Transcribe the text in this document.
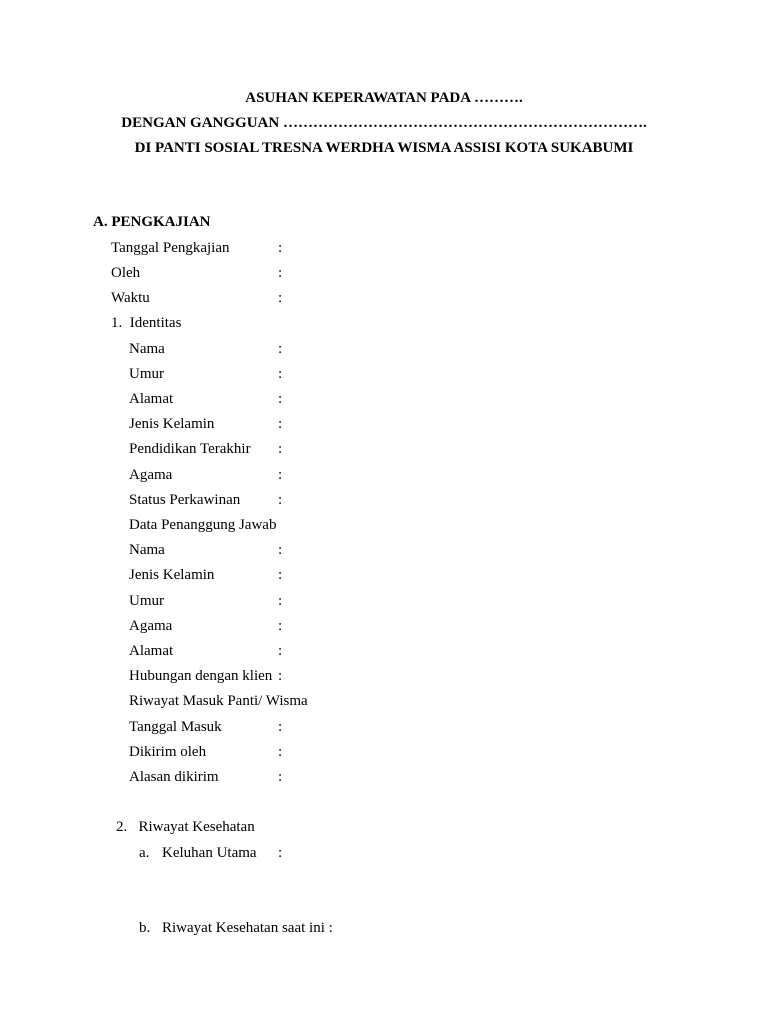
ASUHAN KEPERAWATAN PADA ……….
DENGAN GANGGUAN ……………………………………………………………….
DI PANTI SOSIAL TRESNA WERDHA WISMA ASSISI KOTA SUKABUMI
A. PENGKAJIAN
Tanggal Pengkajian	:
Oleh	:
Waktu	:
1.  Identitas
Nama	:
Umur	:
Alamat	:
Jenis Kelamin	:
Pendidikan Terakhir :
Agama	:
Status Perkawinan	:
Data Penanggung Jawab
Nama	:
Jenis Kelamin	:
Umur	:
Agama	:
Alamat	:
Hubungan dengan klien :
Riwayat Masuk Panti/ Wisma
Tanggal Masuk	:
Dikirim oleh	:
Alasan dikirim	:
2.   Riwayat Kesehatan
a. Keluhan Utama :
b. Riwayat Kesehatan saat ini :
